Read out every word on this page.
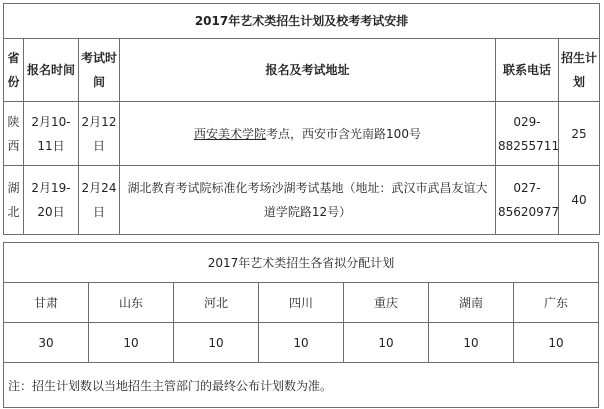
2017年艺术类招生计划及校考考试安排					
省份	报名时间	考试时间	报名及考试地址	联系电话	招生计划
陕西	2月10-11日	2月12日	西安美术学院考点，西安市含光南路100号	029-88255711	25
湖北	2月19-20日	2月24日	湖北教育考试院标准化考场沙湖考试基地（地址：武汉市武昌友谊大道学院路12号）	027-85620977	40
2017年艺术类招生各省拟分配计划						
甘肃	山东	河北	四川	重庆	湖南	广东
30	10	10	10	10	10	10
注：招生计划数以当地招生主管部门的最终公布计划数为准。						
